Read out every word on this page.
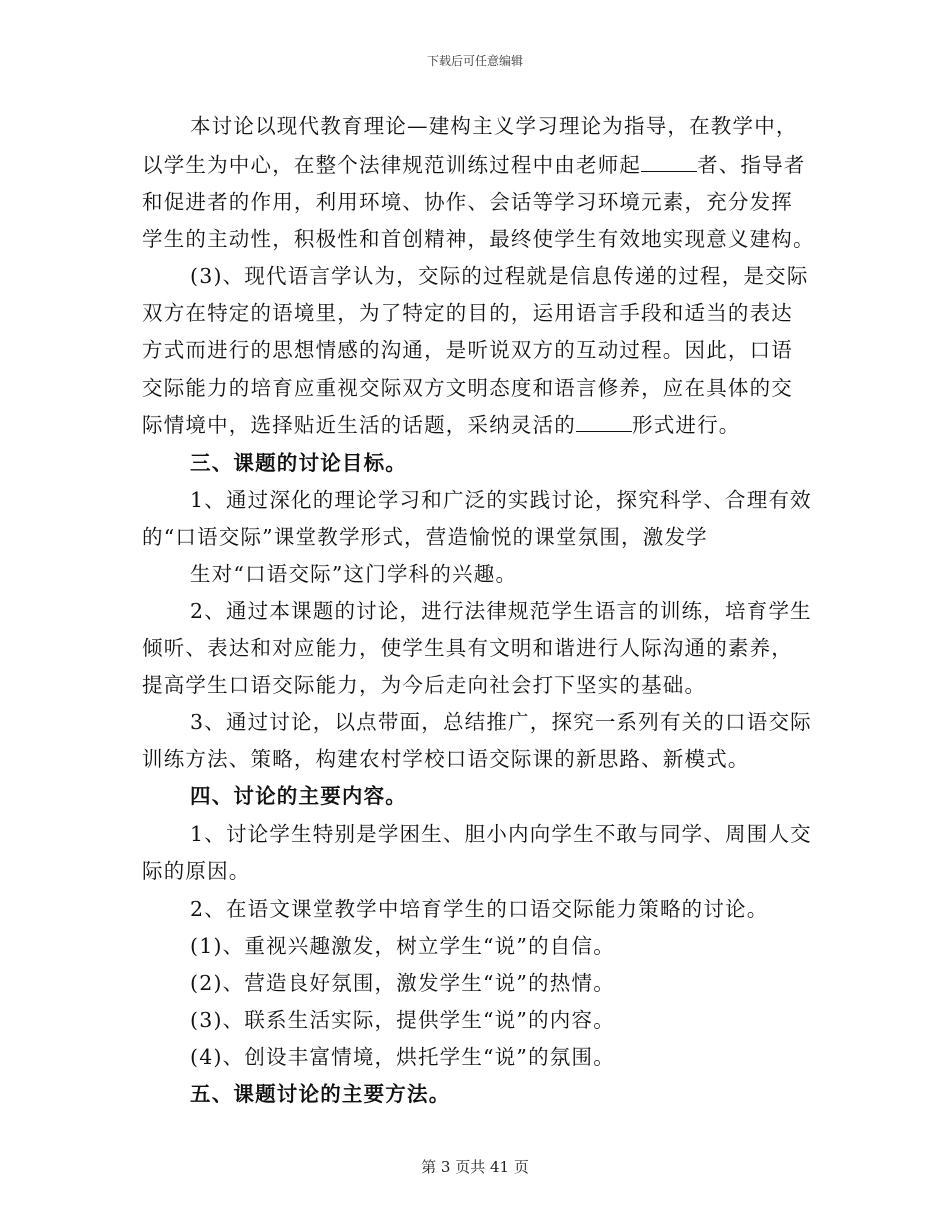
下载后可任意编辑
本讨论以现代教育理论—建构主义学习理论为指导，在教学中，
以学生为中心，在整个法律规范训练过程中由老师起	者、指导者
和促进者的作用，利用环境、协作、会话等学习环境元素，充分发挥
学生的主动性，积极性和首创精神，最终使学生有效地实现意义建构。
(3)、现代语言学认为，交际的过程就是信息传递的过程，是交际
双方在特定的语境里，为了特定的目的，运用语言手段和适当的表达
方式而进行的思想情感的沟通，是听说双方的互动过程。因此，口语
交际能力的培育应重视交际双方文明态度和语言修养，应在具体的交
际情境中，选择贴近生活的话题，采纳灵活的	形式进行。
三、课题的讨论目标。
1、通过深化的理论学习和广泛的实践讨论，探究科学、合理有效
的“口语交际”课堂教学形式，营造愉悦的课堂氛围，激发学
生对“口语交际”这门学科的兴趣。
2、通过本课题的讨论，进行法律规范学生语言的训练，培育学生
倾听、表达和对应能力，使学生具有文明和谐进行人际沟通的素养，
提高学生口语交际能力，为今后走向社会打下坚实的基础。
3、通过讨论，以点带面，总结推广，探究一系列有关的口语交际
训练方法、策略，构建农村学校口语交际课的新思路、新模式。
四、讨论的主要内容。
1、讨论学生特别是学困生、胆小内向学生不敢与同学、周围人交
际的原因。
2、在语文课堂教学中培育学生的口语交际能力策略的讨论。
(1)、重视兴趣激发，树立学生“说”的自信。
(2)、营造良好氛围，激发学生“说”的热情。
(3)、联系生活实际，提供学生“说”的内容。
(4)、创设丰富情境，烘托学生“说”的氛围。
五、课题讨论的主要方法。
第 3 页共 41 页
